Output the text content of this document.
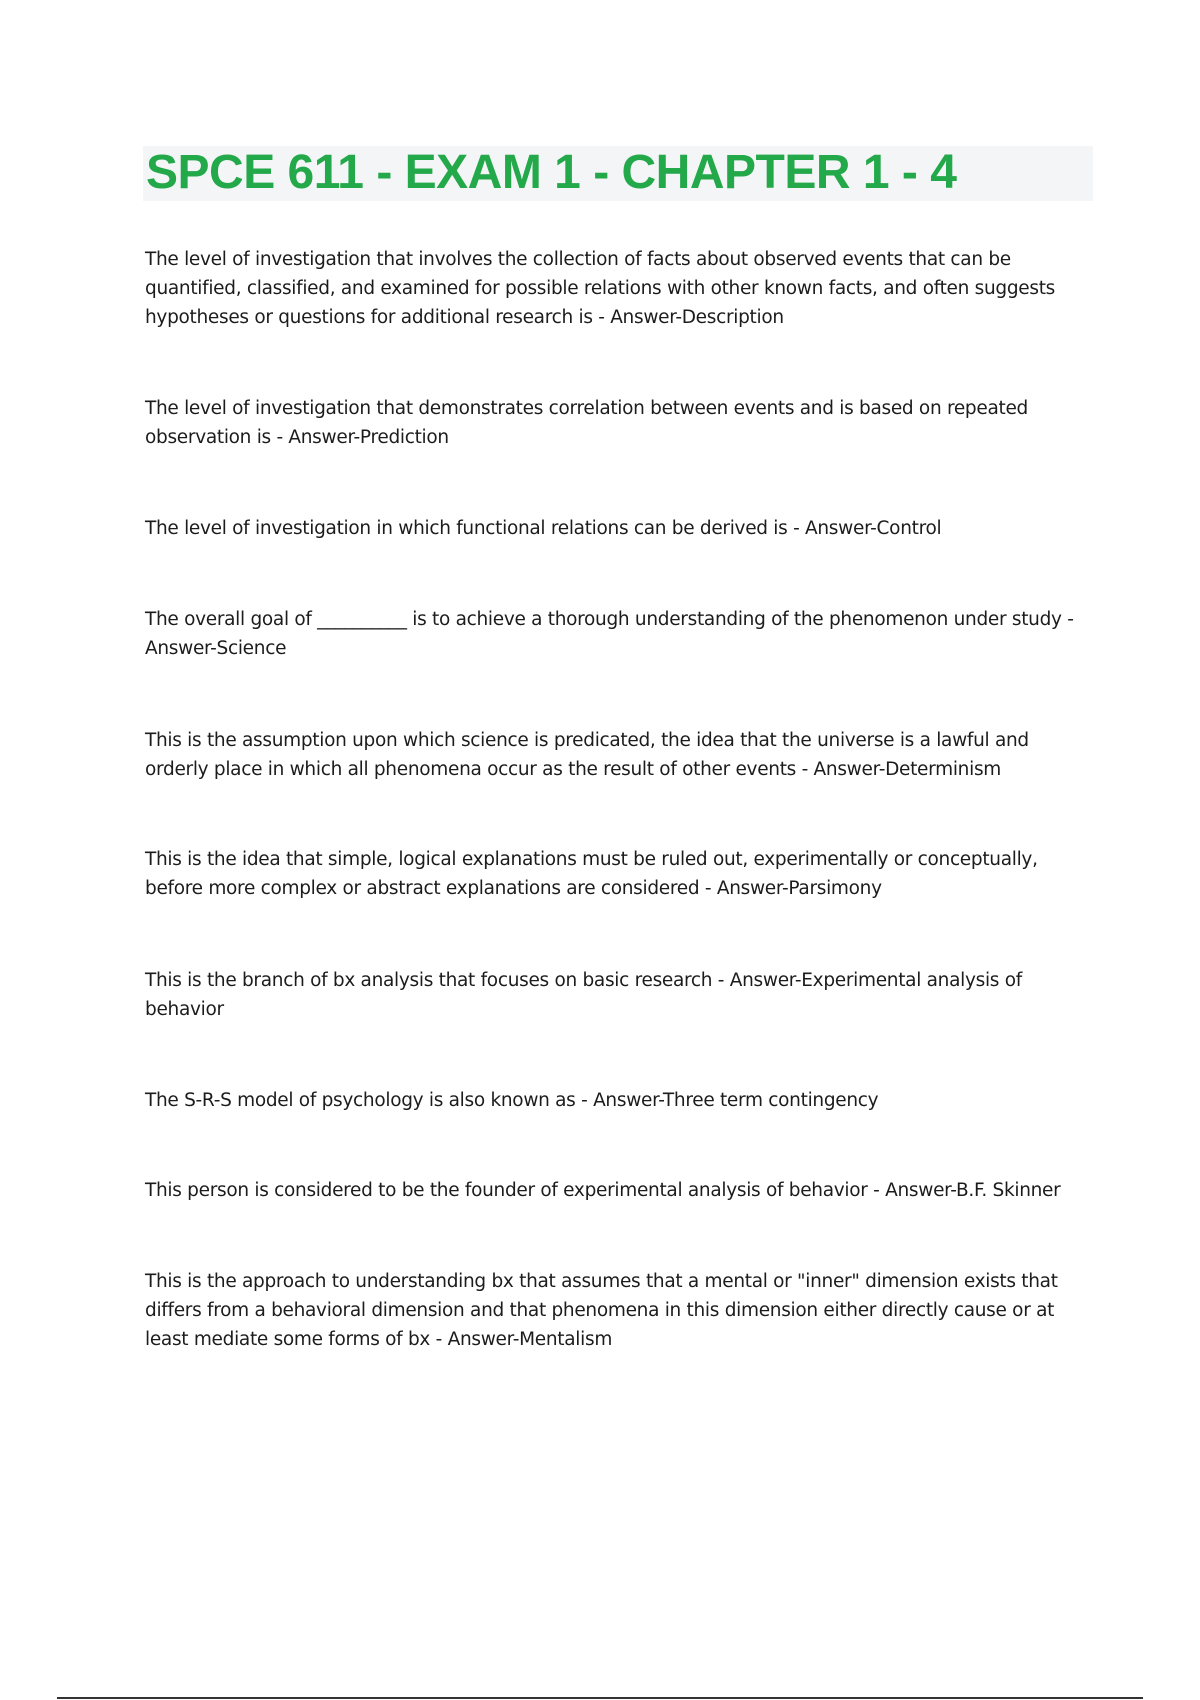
SPCE 611 - EXAM 1 - CHAPTER 1 - 4

The level of investigation that involves the collection of facts about observed events that can be quantified, classified, and examined for possible relations with other known facts, and often suggests hypotheses or questions for additional research is - Answer-Description

The level of investigation that demonstrates correlation between events and is based on repeated observation is - Answer-Prediction

The level of investigation in which functional relations can be derived is - Answer-Control

The overall goal of __________ is to achieve a thorough understanding of the phenomenon under study - Answer-Science

This is the assumption upon which science is predicated, the idea that the universe is a lawful and orderly place in which all phenomena occur as the result of other events - Answer-Determinism

This is the idea that simple, logical explanations must be ruled out, experimentally or conceptually, before more complex or abstract explanations are considered - Answer-Parsimony

This is the branch of bx analysis that focuses on basic research - Answer-Experimental analysis of behavior

The S-R-S model of psychology is also known as - Answer-Three term contingency

This person is considered to be the founder of experimental analysis of behavior - Answer-B.F. Skinner

This is the approach to understanding bx that assumes that a mental or "inner" dimension exists that differs from a behavioral dimension and that phenomena in this dimension either directly cause or at least mediate some forms of bx - Answer-Mentalism
